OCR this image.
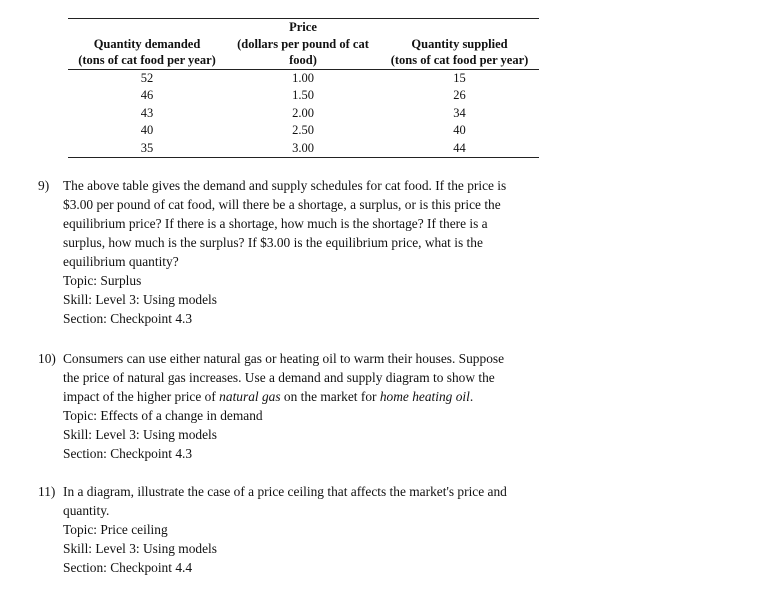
	Price	
Quantity demanded	(dollars per pound of cat	Quantity supplied
(tons of cat food per year)	food)	(tons of cat food per year)
52	1.00	15
46	1.50	26
43	2.00	34
40	2.50	40
35	3.00	44
9) The above table gives the demand and supply schedules for cat food. If the price is
$3.00 per pound of cat food, will there be a shortage, a surplus, or is this price the
equilibrium price? If there is a shortage, how much is the shortage? If there is a
surplus, how much is the surplus? If $3.00 is the equilibrium price, what is the
equilibrium quantity?
Topic: Surplus
Skill: Level 3: Using models
Section: Checkpoint 4.3
10) Consumers can use either natural gas or heating oil to warm their houses. Suppose
the price of natural gas increases. Use a demand and supply diagram to show the
impact of the higher price of natural gas on the market for home heating oil.
Topic: Effects of a change in demand
Skill: Level 3: Using models
Section: Checkpoint 4.3
11) In a diagram, illustrate the case of a price ceiling that affects the market's price and
quantity.
Topic: Price ceiling
Skill: Level 3: Using models
Section: Checkpoint 4.4
